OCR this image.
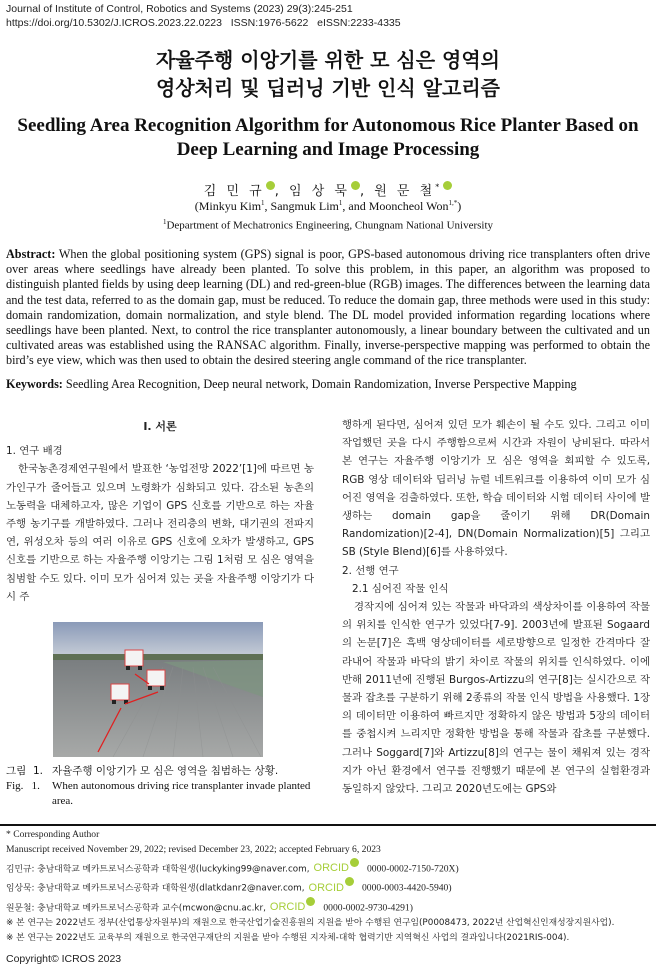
Journal of Institute of Control, Robotics and Systems (2023) 29(3):245-251
https://doi.org/10.5302/J.ICROS.2023.22.0223   ISSN:1976-5622   eISSN:2233-4335
자율주행 이앙기를 위한 모 심은 영역의
영상처리 및 딥러닝 기반 인식 알고리즘
Seedling Area Recognition Algorithm for Autonomous Rice Planter Based on
Deep Learning and Image Processing
김 민 규 , 임 상 묵 , 원 문 철*
(Minkyu Kim$^1$, Sangmuk Lim$^1$, and Mooncheol Won$^{1,*}$)
$^1$Department of Mechatronics Engineering, Chungnam National University
Abstract: When the global positioning system (GPS) signal is poor, GPS-based autonomous driving rice transplanters often drive over areas where seedlings have already been planted. To solve this problem, in this paper, an algorithm was proposed to distinguish planted fields by using deep learning (DL) and red-green-blue (RGB) images. The differences between the learning data and the test data, referred to as the domain gap, must be reduced. To reduce the domain gap, three methods were used in this study: domain randomization, domain normalization, and style blend. The DL model provided information regarding locations where seedlings have been planted. Next, to control the rice transplanter autonomously, a linear boundary between the cultivated and un cultivated areas was established using the RANSAC algorithm. Finally, inverse-perspective mapping was performed to obtain the bird’s eye view, which was then used to obtain the desired steering angle command of the rice transplanter.
Keywords: Seedling Area Recognition, Deep neural network, Domain Randomization, Inverse Perspective Mapping
I. 서론
1. 연구 배경
한국농촌경제연구원에서 발표한 ‘농업전망 2022’[1]에 따르면 농가인구가 줄어들고 있으며 노령화가 심화되고 있다. 감소된 농촌의 노동력을 대체하고자, 많은 기업이 GPS 신호를 기반으로 하는 자율주행 농기구를 개발하였다. 그러나 전리층의 변화, 대기권의 전파지연, 위성오차 등의 여러 이유로 GPS 신호에 오차가 발생하고, GPS 신호를 기반으로 하는 자율주행 이앙기는 그림 1처럼 모 심은 영역을 침범할 수도 있다. 이미 모가 심어져 있는 곳을 자율주행 이앙기가 다시 주
그림  1. 자율주행 이앙기가 모 심은 영역을 침범하는 상황.
Fig.   1.	When autonomous driving rice transplanter invade planted area.
행하게 된다면, 심어져 있던 모가 훼손이 될 수도 있다. 그리고 이미 작업했던 곳을 다시 주행함으로써 시간과 자원이 낭비된다. 따라서 본 연구는 자율주행 이앙기가 모 심은 영역을 회피할 수 있도록, RGB 영상 데이터와 딥러닝 뉴럴 네트워크를 이용하여 이미 모가 심어진 영역을 검출하였다. 또한, 학습 데이터와 시험 데이터 사이에 발생하는 domain gap을 줄이기 위해 DR(Domain Randomization)[2-4], DN(Domain Normalization)[5] 그리고 SB (Style Blend)[6]를 사용하였다.
2. 선행 연구
2.1 심어진 작물 인식
경작지에 심어져 있는 작물과 바닥과의 색상차이를 이용하여 작물의 위치를 인식한 연구가 있었다[7-9]. 2003년에 발표된 Sogaard의 논문[7]은 흑백 영상데이터를 세로방향으로 일정한 간격마다 잘라내어 작물과 바닥의 밝기 차이로 작물의 위치를 인식하였다. 이에 반해 2011년에 진행된 Burgos-Artizzu의 연구[8]는 실시간으로 작물과 잡초를 구분하기 위해 2종류의 작물 인식 방법을 사용했다. 1장의 데이터만 이용하여 빠르지만 정확하지 않은 방법과 5장의 데이터를 중첩시켜 느리지만 정확한 방법을 통해 작물과 잡초를 구분했다. 그러나 Soggard[7]와 Artizzu[8]의 연구는 물이 채워져 있는 경작지가 아닌 환경에서 연구를 진행했기 때문에 본 연구의 실험환경과 동일하지 않았다. 그리고 2020년도에는 GPS와
* Corresponding Author
Manuscript received November 29, 2022; revised December 23, 2022; accepted February 6, 2023
김민규: 충남대학교 메카트로닉스공학과 대학원생(luckyking99@naver.com, ORCID 0000-0002-7150-720X)
임상묵: 충남대학교 메카트로닉스공학과 대학원생(dlatkdanr2@naver.com, ORCID 0000-0003-4420-5940)
원문철: 충남대학교 메카트로닉스공학과 교수(mcwon@cnu.ac.kr, ORCID 0000-0002-9730-4291)
※ 본 연구는 2022년도 정부(산업통상자원부)의 재원으로 한국산업기술진흥원의 지원을 받아 수행된 연구임(P0008473, 2022년 산업혁신인재성장지원사업).
※ 본 연구는 2022년도 교육부의 재원으로 한국연구재단의 지원을 받아 수행된 지자체-대학 협력기반 지역혁신 사업의 결과입니다(2021RIS-004).
Copyright© ICROS 2023
